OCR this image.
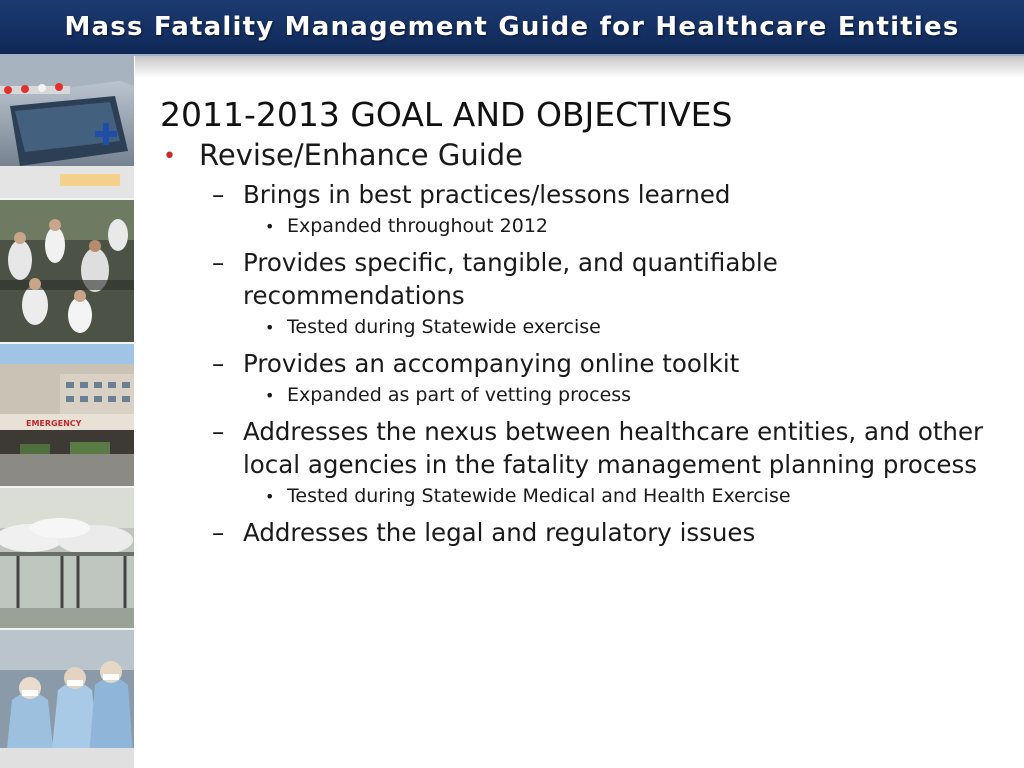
Mass Fatality Management Guide for Healthcare Entities
EMERGENCY
2011-2013 GOAL AND OBJECTIVES
• Revise/Enhance Guide
– Brings in best practices/lessons learned
• Expanded throughout 2012
– Provides specific, tangible, and quantifiable recommendations
• Tested during Statewide exercise
– Provides an accompanying online toolkit
• Expanded as part of vetting process
– Addresses the nexus between healthcare entities, and other local agencies in the fatality management planning process
• Tested during Statewide Medical and Health Exercise
– Addresses the legal and regulatory issues
